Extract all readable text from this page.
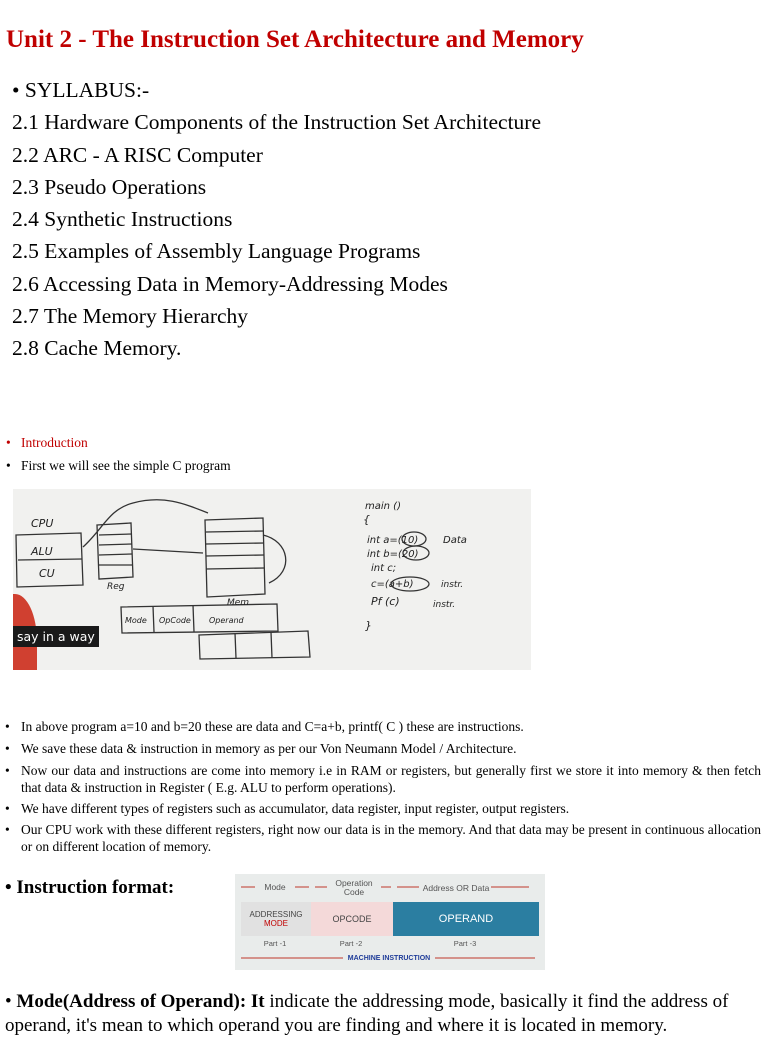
Unit 2 - The Instruction Set Architecture and Memory
• SYLLABUS:-
2.1 Hardware Components of the Instruction Set Architecture
2.2 ARC - A RISC Computer
2.3 Pseudo Operations
2.4 Synthetic Instructions
2.5 Examples of Assembly Language Programs
2.6 Accessing Data in Memory-Addressing Modes
2.7 The Memory Hierarchy
2.8 Cache Memory.
• Introduction
• First we will see the simple C program
CPU
ALU
CU
Reg
Mem
Mode OpCode Operand
main ()
{
int a=(10) Data
int b=(20)
int c;
c=(a+b)	instr.
Pf (c)	instr.
}
say in a way
• In above program a=10 and b=20 these are data and C=a+b, printf( C ) these are instructions.
• We save these data & instruction in memory as per our Von Neumann Model / Architecture.
• Now our data and instructions are come into memory i.e in RAM or registers, but generally first we store it into memory & then fetch that data & instruction in Register ( E.g. ALU to perform operations).
• We have different types of registers such as accumulator, data register, input register, output registers.
• Our CPU work with these different registers, right now our data is in the memory. And that data may be present in continuous allocation or on different location of memory.
• Instruction format:	Mode	Operation Code	Address OR Data
ADDRESSING
MODE	OPCODE	OPERAND
Part -1	Part -2	Part -3
MACHINE INSTRUCTION
• Mode(Address of Operand): It indicate the addressing mode, basically it find the address of operand, it's mean to which operand you are finding and where it is located in memory.
